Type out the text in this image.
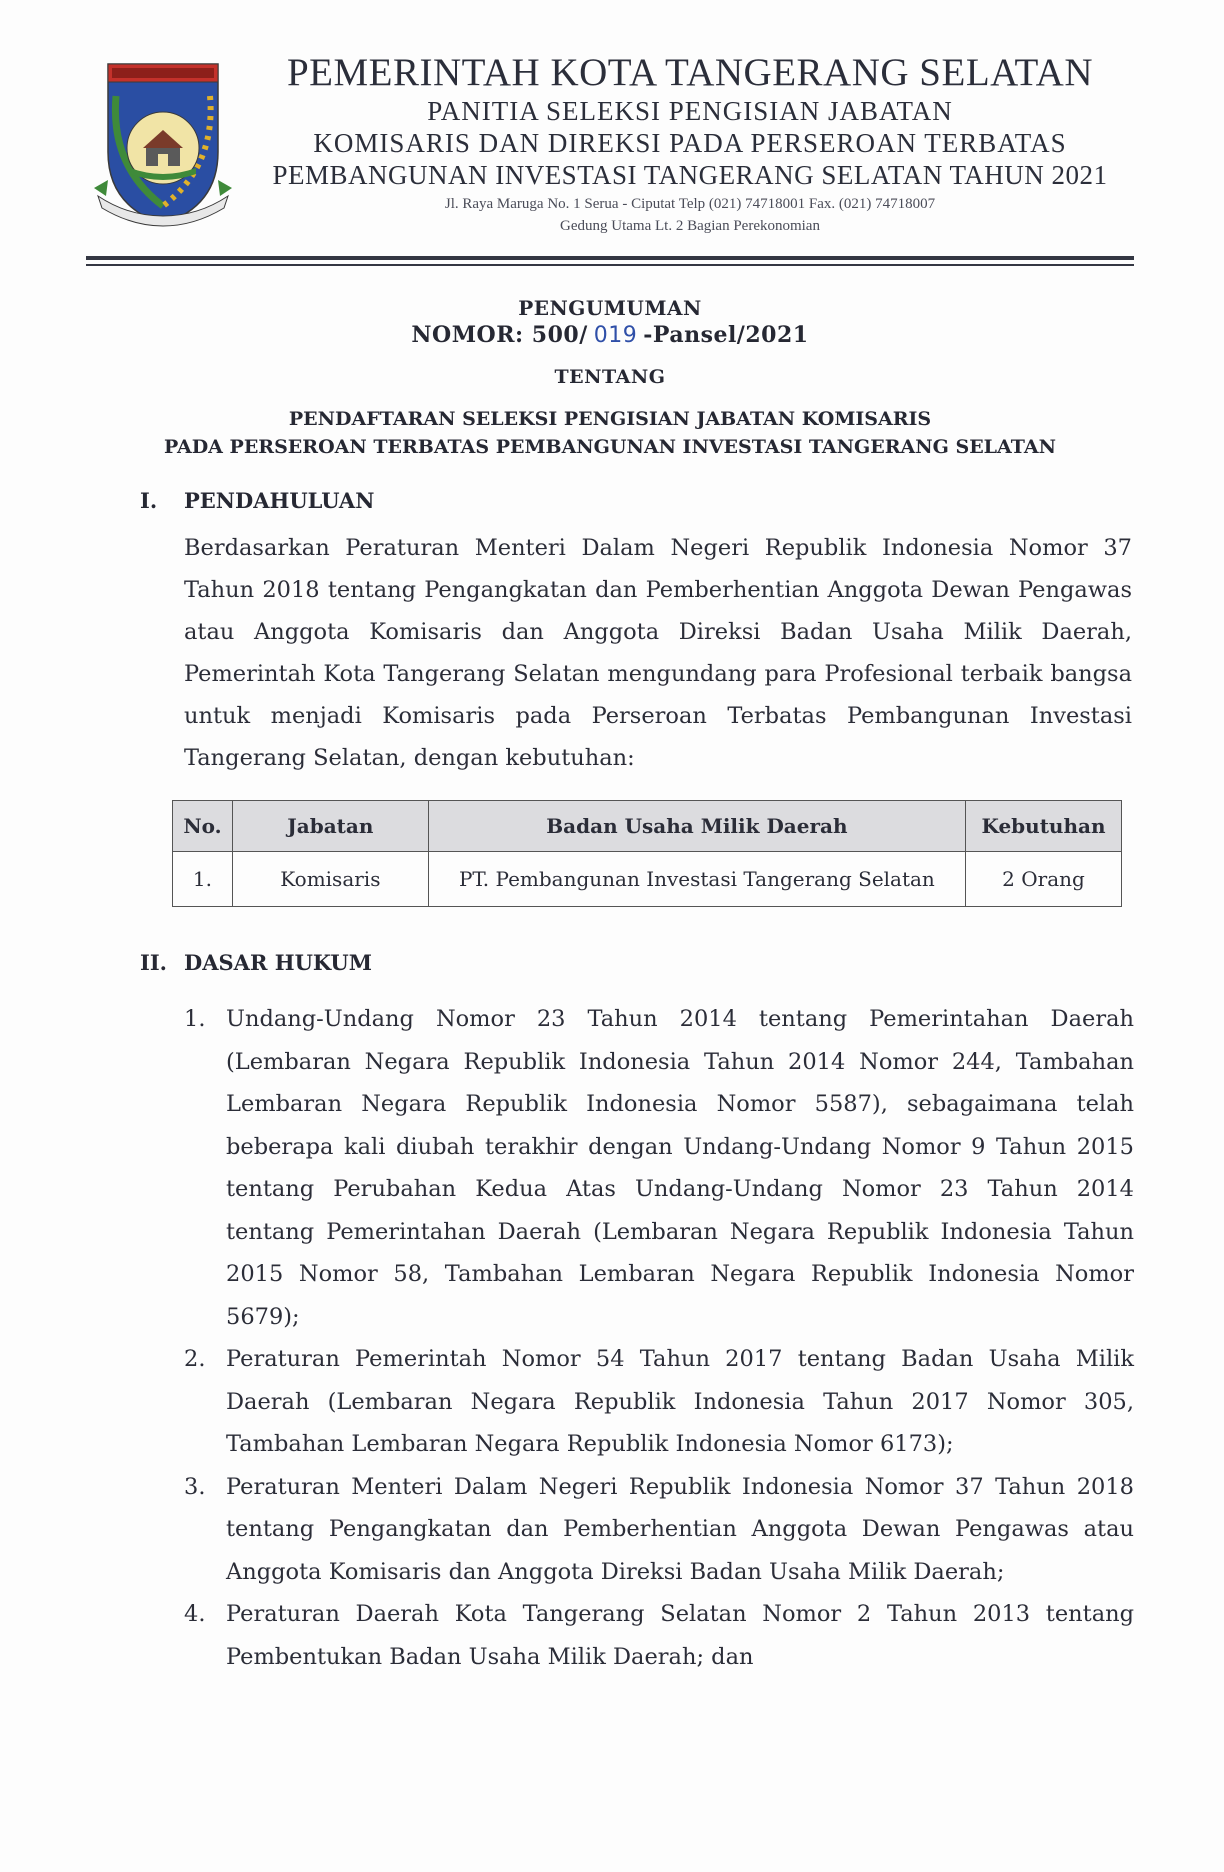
PEMERINTAH KOTA TANGERANG SELATAN
PANITIA SELEKSI PENGISIAN JABATAN
KOMISARIS DAN DIREKSI PADA PERSEROAN TERBATAS
PEMBANGUNAN INVESTASI TANGERANG SELATAN TAHUN 2021
Jl. Raya Maruga No. 1 Serua - Ciputat Telp (021) 74718001 Fax. (021) 74718007
Gedung Utama Lt. 2 Bagian Perekonomian
PENGUMUMAN
NOMOR: 500/ 019 -Pansel/2021
TENTANG
PENDAFTARAN SELEKSI PENGISIAN JABATAN KOMISARIS
PADA PERSEROAN TERBATAS PEMBANGUNAN INVESTASI TANGERANG SELATAN
I. PENDAHULUAN
Berdasarkan Peraturan Menteri Dalam Negeri Republik Indonesia Nomor 37 Tahun 2018 tentang Pengangkatan dan Pemberhentian Anggota Dewan Pengawas atau Anggota Komisaris dan Anggota Direksi Badan Usaha Milik Daerah, Pemerintah Kota Tangerang Selatan mengundang para Profesional terbaik bangsa untuk menjadi Komisaris pada Perseroan Terbatas Pembangunan Investasi Tangerang Selatan, dengan kebutuhan:
No.	Jabatan	Badan Usaha Milik Daerah	Kebutuhan
1.	Komisaris	PT. Pembangunan Investasi Tangerang Selatan	2 Orang
II. DASAR HUKUM
1. Undang-Undang Nomor 23 Tahun 2014 tentang Pemerintahan Daerah (Lembaran Negara Republik Indonesia Tahun 2014 Nomor 244, Tambahan Lembaran Negara Republik Indonesia Nomor 5587), sebagaimana telah beberapa kali diubah terakhir dengan Undang-Undang Nomor 9 Tahun 2015 tentang Perubahan Kedua Atas Undang-Undang Nomor 23 Tahun 2014 tentang Pemerintahan Daerah (Lembaran Negara Republik Indonesia Tahun 2015 Nomor 58, Tambahan Lembaran Negara Republik Indonesia Nomor 5679);
2. Peraturan Pemerintah Nomor 54 Tahun 2017 tentang Badan Usaha Milik Daerah (Lembaran Negara Republik Indonesia Tahun 2017 Nomor 305, Tambahan Lembaran Negara Republik Indonesia Nomor 6173);
3. Peraturan Menteri Dalam Negeri Republik Indonesia Nomor 37 Tahun 2018 tentang Pengangkatan dan Pemberhentian Anggota Dewan Pengawas atau Anggota Komisaris dan Anggota Direksi Badan Usaha Milik Daerah;
4. Peraturan Daerah Kota Tangerang Selatan Nomor 2 Tahun 2013 tentang Pembentukan Badan Usaha Milik Daerah; dan
